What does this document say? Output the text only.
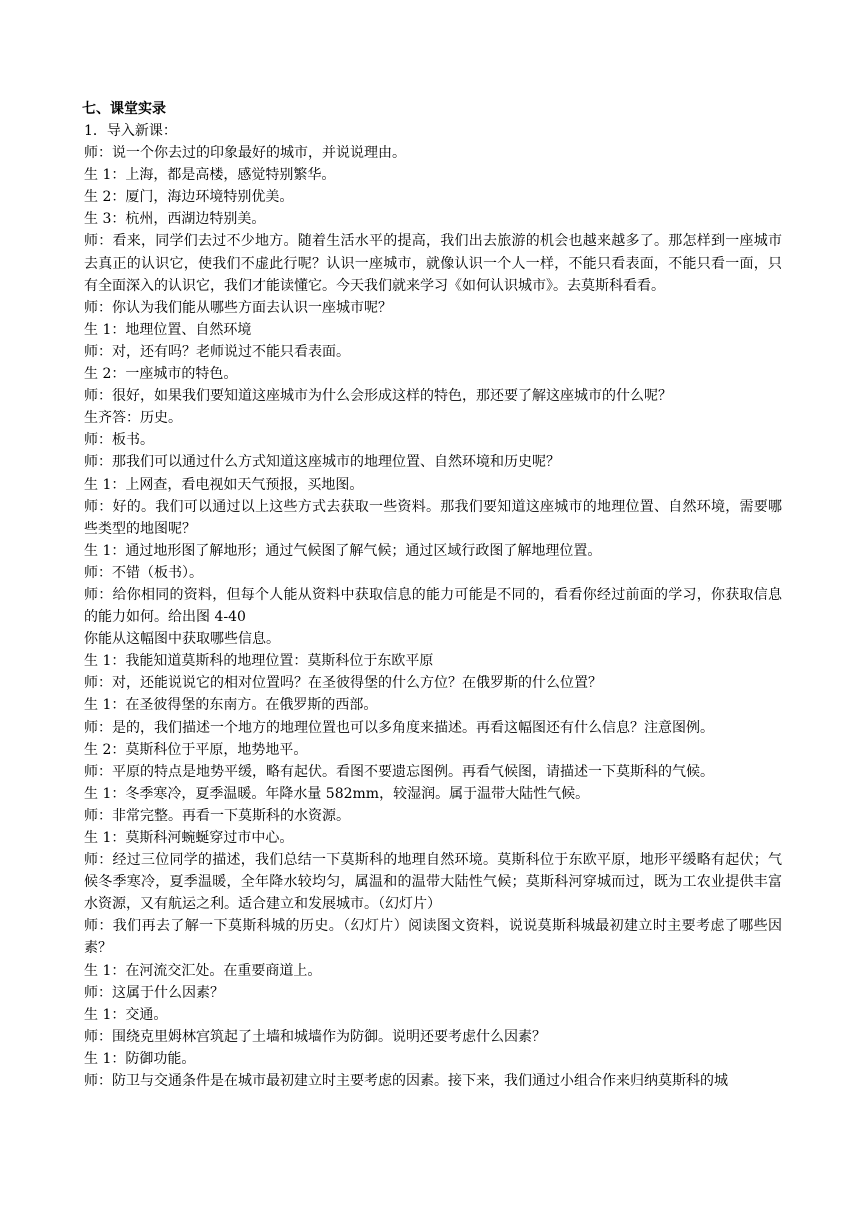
七、课堂实录

1．导入新课：

师：说一个你去过的印象最好的城市，并说说理由。

生 1：上海，都是高楼，感觉特别繁华。

生 2：厦门，海边环境特别优美。

生 3：杭州，西湖边特别美。

师：看来，同学们去过不少地方。随着生活水平的提高，我们出去旅游的机会也越来越多了。那怎样到一座城市去真正的认识它，使我们不虚此行呢？认识一座城市，就像认识一个人一样，不能只看表面，不能只看一面，只有全面深入的认识它，我们才能读懂它。今天我们就来学习《如何认识城市》。去莫斯科看看。

师：你认为我们能从哪些方面去认识一座城市呢？

生 1：地理位置、自然环境

师：对，还有吗？老师说过不能只看表面。

生 2：一座城市的特色。

师：很好，如果我们要知道这座城市为什么会形成这样的特色，那还要了解这座城市的什么呢？

生齐答：历史。

师：板书。

师：那我们可以通过什么方式知道这座城市的地理位置、自然环境和历史呢？

生 1：上网查，看电视如天气预报，买地图。

师：好的。我们可以通过以上这些方式去获取一些资料。那我们要知道这座城市的地理位置、自然环境，需要哪些类型的地图呢？

生 1：通过地形图了解地形；通过气候图了解气候；通过区域行政图了解地理位置。

师：不错（板书）。

师：给你相同的资料，但每个人能从资料中获取信息的能力可能是不同的，看看你经过前面的学习，你获取信息的能力如何。给出图 4-40

你能从这幅图中获取哪些信息。

生 1：我能知道莫斯科的地理位置：莫斯科位于东欧平原

师：对，还能说说它的相对位置吗？在圣彼得堡的什么方位？在俄罗斯的什么位置？

生 1：在圣彼得堡的东南方。在俄罗斯的西部。

师：是的，我们描述一个地方的地理位置也可以多角度来描述。再看这幅图还有什么信息？注意图例。

生 2：莫斯科位于平原，地势地平。

师：平原的特点是地势平缓，略有起伏。看图不要遗忘图例。再看气候图，请描述一下莫斯科的气候。

生 1：冬季寒冷，夏季温暖。年降水量 582mm，较湿润。属于温带大陆性气候。

师：非常完整。再看一下莫斯科的水资源。

生 1：莫斯科河蜿蜒穿过市中心。

师：经过三位同学的描述，我们总结一下莫斯科的地理自然环境。莫斯科位于东欧平原，地形平缓略有起伏；气候冬季寒冷，夏季温暖，全年降水较均匀，属温和的温带大陆性气候；莫斯科河穿城而过，既为工农业提供丰富水资源，又有航运之利。适合建立和发展城市。（幻灯片）

师：我们再去了解一下莫斯科城的历史。（幻灯片）阅读图文资料，说说莫斯科城最初建立时主要考虑了哪些因素？

生 1：在河流交汇处。在重要商道上。

师：这属于什么因素？

生 1：交通。

师：围绕克里姆林宫筑起了土墙和城墙作为防御。说明还要考虑什么因素？

生 1：防御功能。

师：防卫与交通条件是在城市最初建立时主要考虑的因素。接下来，我们通过小组合作来归纳莫斯科的城
